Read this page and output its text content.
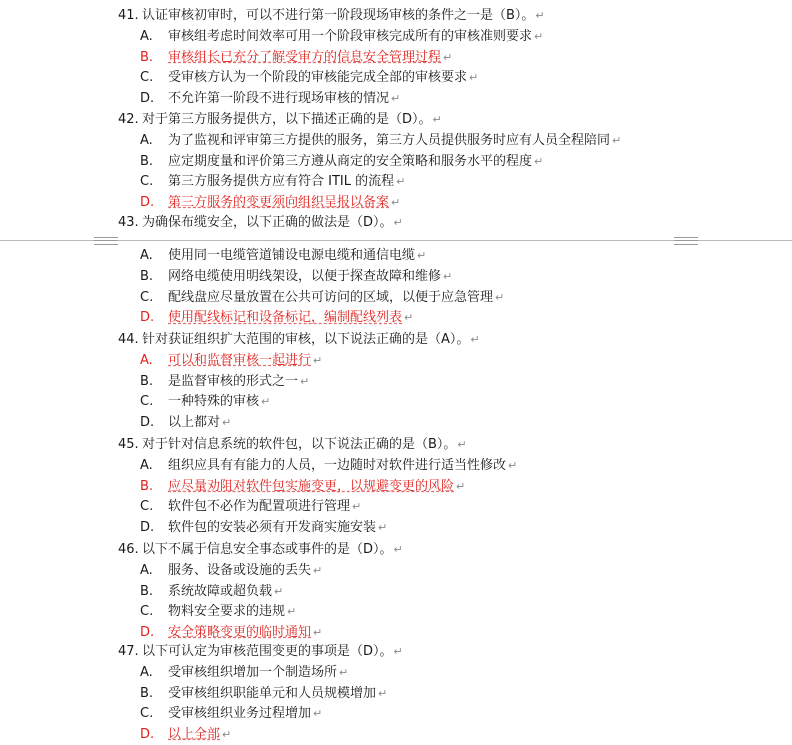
41. 认证审核初审时，可以不进行第一阶段现场审核的条件之一是（B）。↵
A. 审核组考虑时间效率可用一个阶段审核完成所有的审核准则要求 ↵
B. 审核组长已充分了解受审方的信息安全管理过程 ↵
C. 受审核方认为一个阶段的审核能完成全部的审核要求 ↵
D. 不允许第一阶段不进行现场审核的情况 ↵
42. 对于第三方服务提供方，以下描述正确的是（D）。↵
A. 为了监视和评审第三方提供的服务，第三方人员提供服务时应有人员全程陪同 ↵
B. 应定期度量和评价第三方遵从商定的安全策略和服务水平的程度 ↵
C. 第三方服务提供方应有符合 ITIL 的流程 ↵
D. 第三方服务的变更须向组织呈报以备案 ↵
43. 为确保布缆安全，以下正确的做法是（D）。↵
A. 使用同一电缆管道铺设电源电缆和通信电缆 ↵
B. 网络电缆使用明线架设，以便于探查故障和维修 ↵
C. 配线盘应尽量放置在公共可访问的区域，以便于应急管理 ↵
D. 使用配线标记和设备标记，编制配线列表 ↵
44. 针对获证组织扩大范围的审核，以下说法正确的是（A）。↵
A. 可以和监督审核一起进行 ↵
B. 是监督审核的形式之一 ↵
C. 一种特殊的审核 ↵
D. 以上都对 ↵
45. 对于针对信息系统的软件包，以下说法正确的是（B）。↵
A. 组织应具有有能力的人员，一边随时对软件进行适当性修改 ↵
B. 应尽量劝阻对软件包实施变更，以规避变更的风险 ↵
C. 软件包不必作为配置项进行管理 ↵
D. 软件包的安装必须有开发商实施安装 ↵
46. 以下不属于信息安全事态或事件的是（D）。↵
A. 服务、设备或设施的丢失 ↵
B. 系统故障或超负载 ↵
C. 物料安全要求的违规 ↵
D. 安全策略变更的临时通知 ↵
47. 以下可认定为审核范围变更的事项是（D）。↵
A. 受审核组织增加一个制造场所 ↵
B. 受审核组织职能单元和人员规模增加 ↵
C. 受审核组织业务过程增加 ↵
D. 以上全部 ↵
